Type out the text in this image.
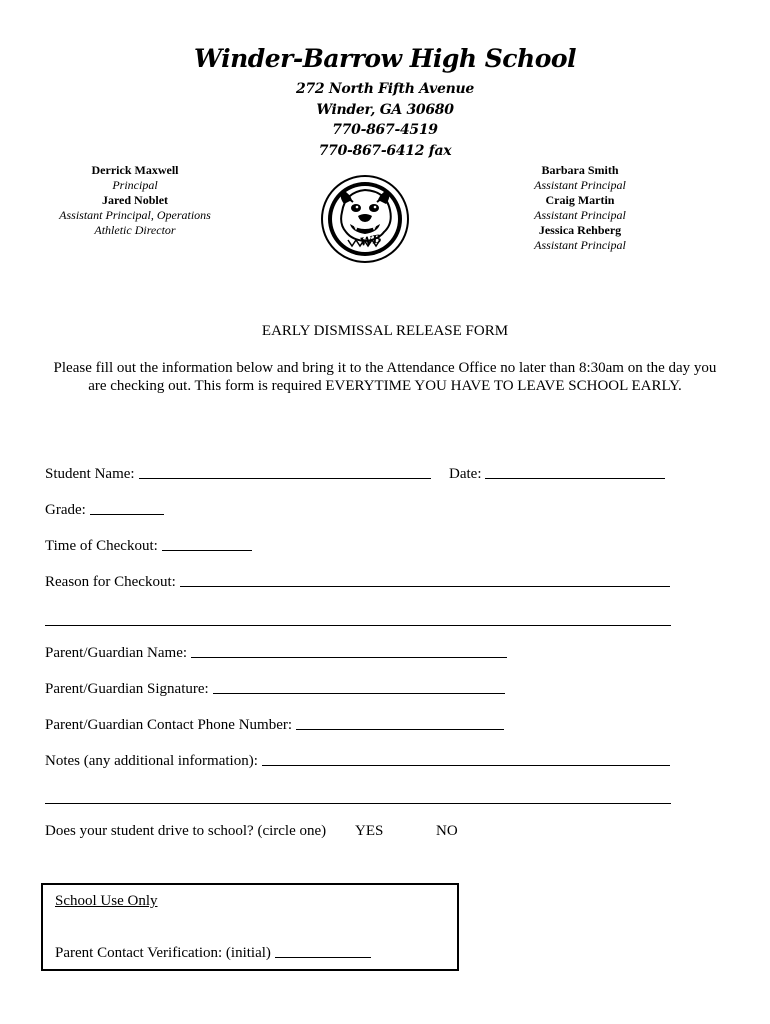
Winder-Barrow High School
272 North Fifth Avenue
Winder, GA 30680
770-867-4519
770-867-6412 fax
Derrick Maxwell
Principal
Jared Noblet
Assistant Principal, Operations
Athletic Director
Barbara Smith
Assistant Principal
Craig Martin
Assistant Principal
Jessica Rehberg
Assistant Principal
WB
EARLY DISMISSAL RELEASE FORM
Please fill out the information below and bring it to the Attendance Office no later than 8:30am on the day you are checking out. This form is required EVERYTIME YOU HAVE TO LEAVE SCHOOL EARLY.
Student Name:	Date:
Grade:
Time of Checkout:
Reason for Checkout:
Parent/Guardian Name:
Parent/Guardian Signature:
Parent/Guardian Contact Phone Number:
Notes (any additional information):
Does your student drive to school? (circle one) YES	NO
School Use Only
Parent Contact Verification: (initial)
